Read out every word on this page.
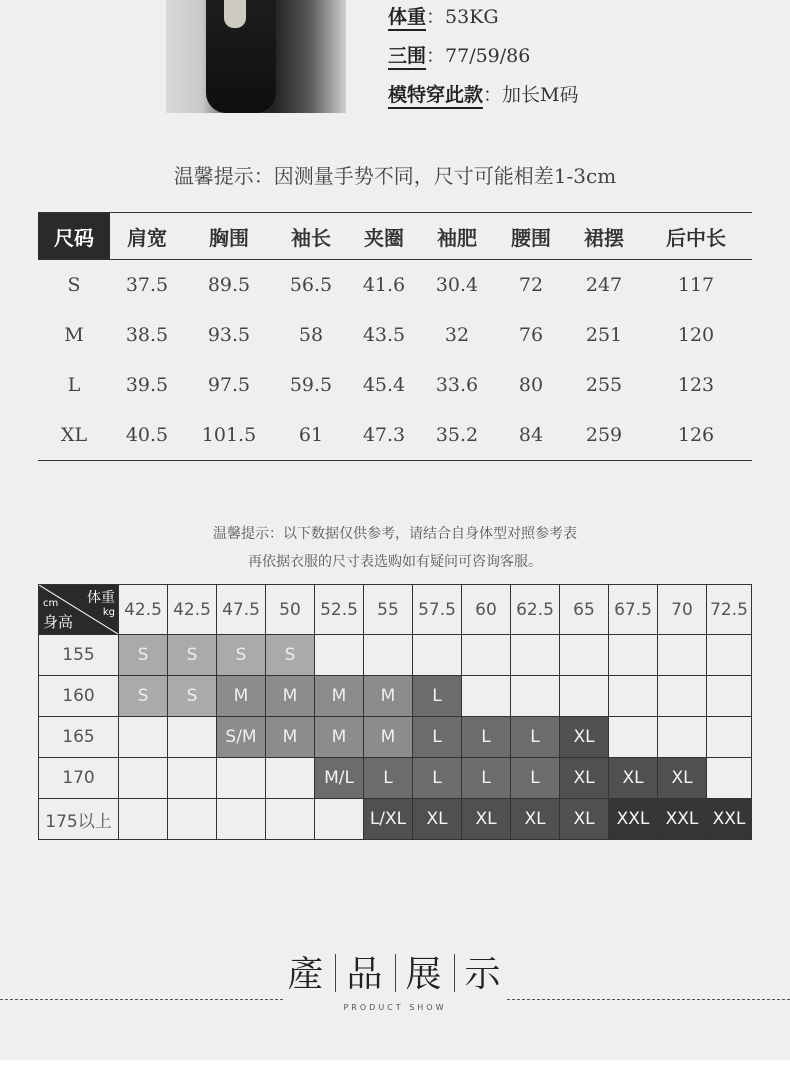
体重：53KG
三围：77/59/86
模特穿此款：加长M码
温馨提示：因测量手势不同，尺寸可能相差1-3cm
尺码	肩宽	胸围	袖长	夹圈	袖肥	腰围	裙摆	后中长
S	37.5	89.5	56.5	41.6	30.4	72	247	117
M	38.5	93.5	58	43.5	32	76	251	120
L	39.5	97.5	59.5	45.4	33.6	80	255	123
XL	40.5	101.5	61	47.3	35.2	84	259	126
温馨提示：以下数据仅供参考，请结合自身体型对照参考表
再依据衣服的尺寸表选购如有疑问可咨询客服。
体重
kg
cm
身高	42.5	42.5	47.5	50	52.5	55	57.5	60	62.5	65	67.5	70	72.5
155	S	S	S	S									
160	S	S	M	M	M	M	L						
165			S/M	M	M	M	L	L	L	XL			
170					M/L	L	L	L	L	XL	XL	XL	
175以上						L/XL	XL	XL	XL	XL	XXL	XXL	XXL
產 品 展 示
PRODUCT SHOW
